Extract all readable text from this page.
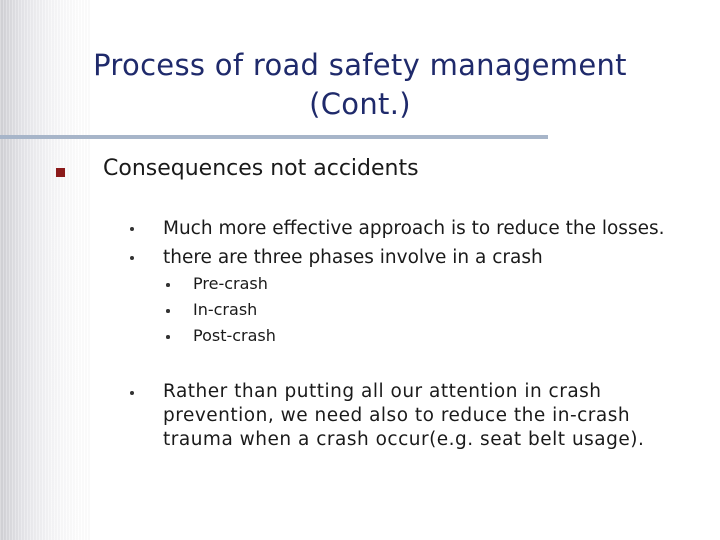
Process of road safety management
(Cont.)
Consequences not accidents
Much more effective approach is to reduce the losses.
there are three phases involve in a crash
Pre-crash
In-crash
Post-crash
Rather than putting all our attention in crash
prevention, we need also to reduce the in-crash
trauma when a crash occur(e.g. seat belt usage).
